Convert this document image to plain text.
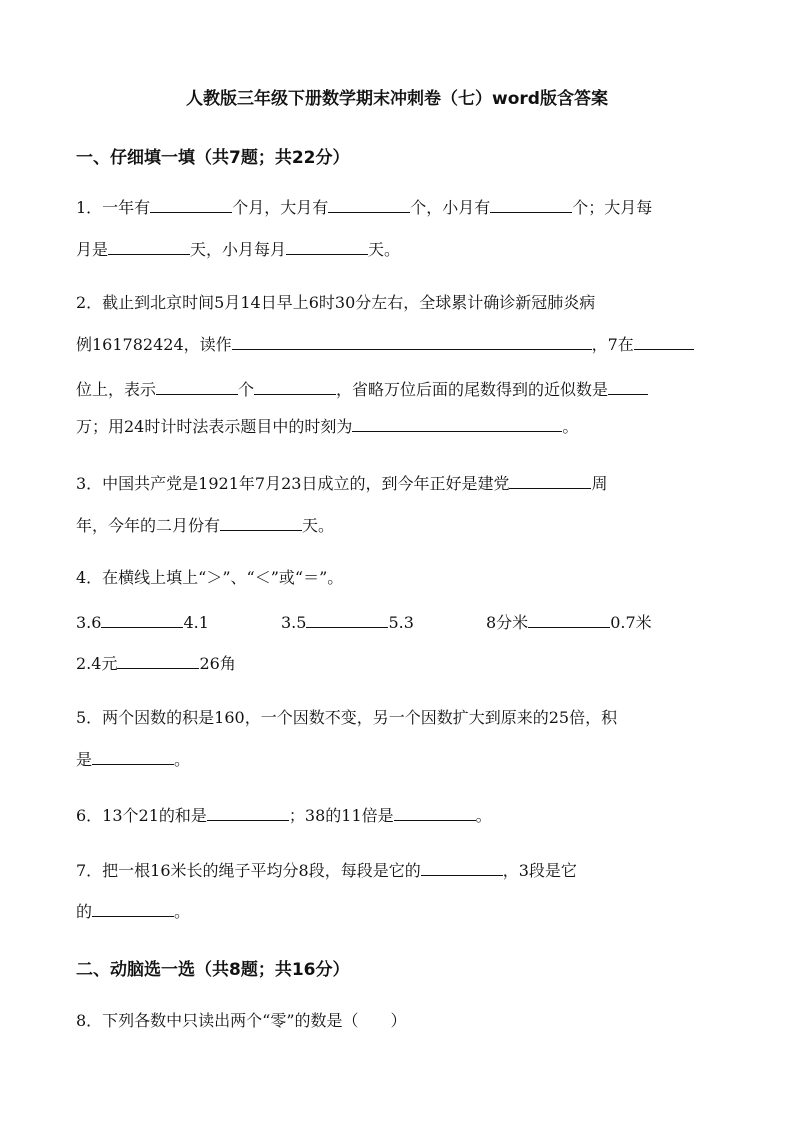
人教版三年级下册数学期末冲刺卷（七）word版含答案
一、仔细填一填（共7题；共22分）
1．一年有	个月，大月有	个，小月有	个；大月每
月是	天，小月每月	天。
2．截止到北京时间5月14日早上6时30分左右，全球累计确诊新冠肺炎病
例161782424，读作	，7在
位上，表示	个	，省略万位后面的尾数得到的近似数是
万；用24时计时法表示题目中的时刻为	。
3．中国共产党是1921年7月23日成立的，到今年正好是建党	周
年，今年的二月份有	天。
4．在横线上填上“＞”、“＜”或“＝”。
3.6	4.1	3.5	5.3	8分米	0.7米
2.4元	26角
5．两个因数的积是160，一个因数不变，另一个因数扩大到原来的25倍，积
是	。
6．13个21的和是	；38的11倍是	。
7．把一根16米长的绳子平均分8段，每段是它的	，3段是它
的	。
二、动脑选一选（共8题；共16分）
8．下列各数中只读出两个“零”的数是（　　）
